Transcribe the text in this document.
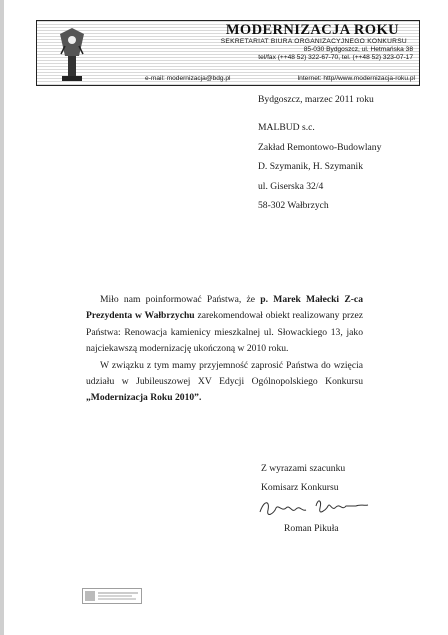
MODERNIZACJA ROKU
SEKRETARIAT BIURA ORGANIZACYJNEGO KONKURSU
85-030 Bydgoszcz, ul. Hetmańska 38
tel/fax (++48 52) 322-67-70, tel. (++48 52) 323-07-17
e-mail: modernizacja@bdg.pl	Internet: http//www.modernizacja-roku.pl
Bydgoszcz, marzec 2011 roku
MALBUD s.c.
Zakład Remontowo-Budowlany
D. Szymanik, H. Szymanik
ul. Giserska 32/4
58-302 Wałbrzych

Miło nam poinformować Państwa, że p. Marek Małecki Z-ca Prezydenta w Wałbrzychu zarekomendował obiekt realizowany przez Państwa: Renowacja kamienicy mieszkalnej ul. Słowackiego 13, jako najciekawszą modernizację ukończoną w 2010 roku.

W związku z tym mamy przyjemność zaprosić Państwa do wzięcia udziału w Jubileuszowej XV Edycji Ogólnopolskiego Konkursu „Modernizacja Roku 2010”.

Z wyrazami szacunku
Komisarz Konkursu
Roman Pikuła
